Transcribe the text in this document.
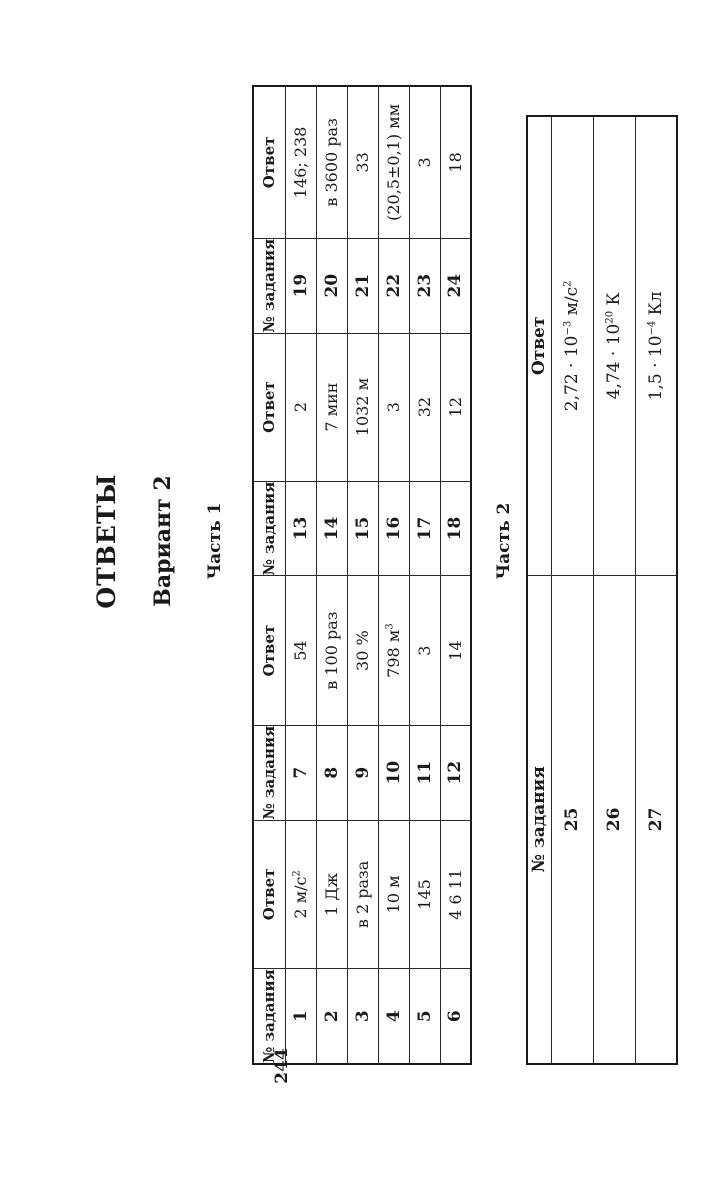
244
ОТВЕТЫ Вариант 2 Часть 1
№ задания	Ответ	№ задания	Ответ	№ задания	Ответ	№ задания	Ответ
1	2 $м/с^2$	7	54	13	2	19	146; 238
2	1 Дж	8	в 100 раз	14	7 мин	20	в 3600 раз
3	в 2 раза	9	30 %	15	1032 м	21	33
4	10 м	10	798 $м^3$	16	3	22	(20,5±0,1) мм
5	145	11	3	17	32	23	3
6	4 6 11	12	14	18	12	24	18
Часть 2
№ задания	Ответ
25	$2,72 \cdot 10^{-3}$ $м/с^2$
26	$4,74 \cdot 10^{20}$ К
27	$1,5 \cdot 10^{-4}$ Кл
